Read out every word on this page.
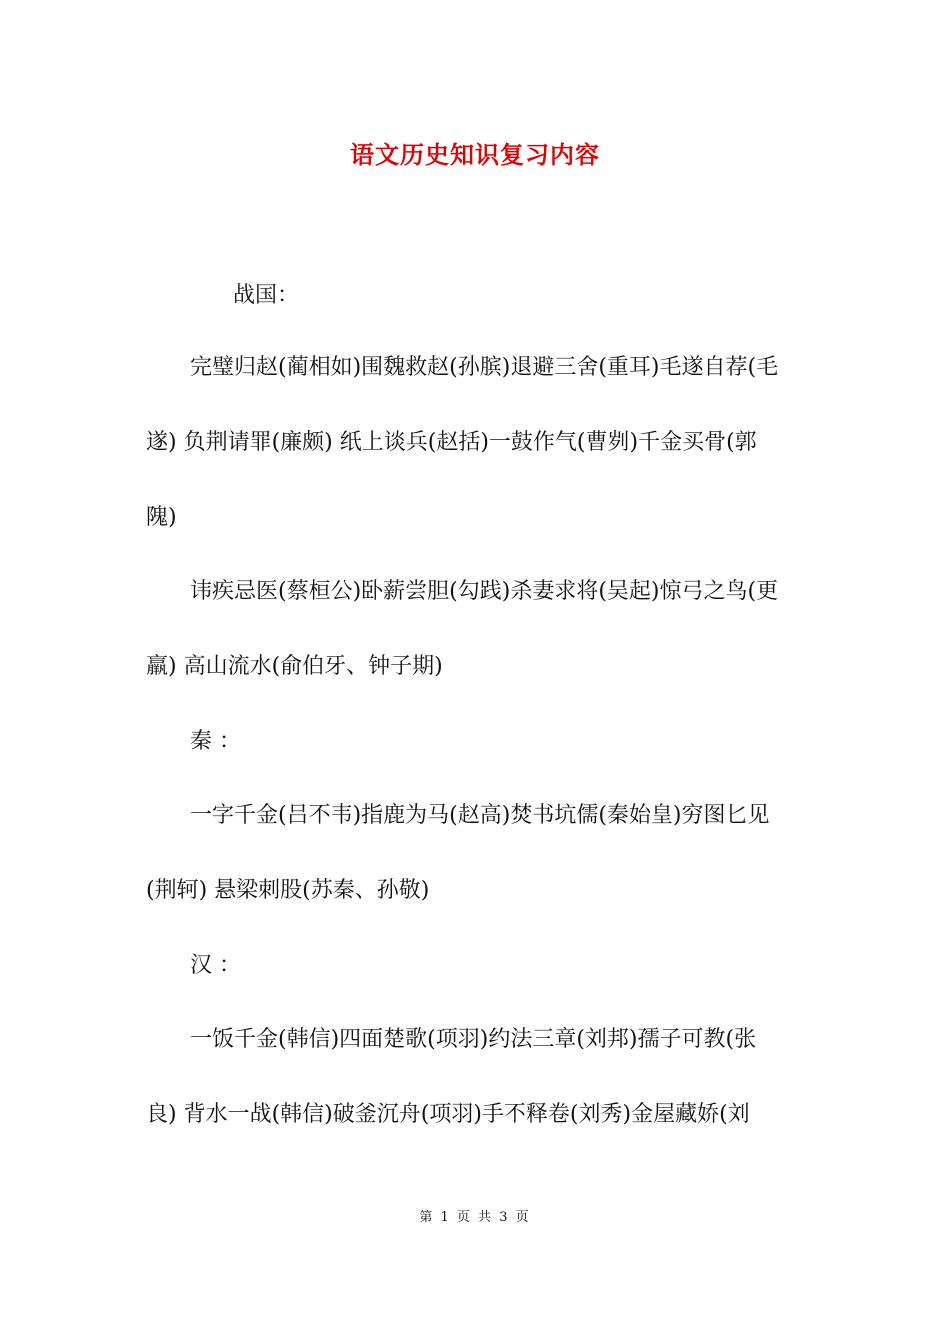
语文历史知识复习内容
战国：
完璧归赵(蔺相如)围魏救赵(孙膑)退避三舍(重耳)毛遂自荐(毛
遂) 负荆请罪(廉颇) 纸上谈兵(赵括)一鼓作气(曹刿)千金买骨(郭
隗)
讳疾忌医(蔡桓公)卧薪尝胆(勾践)杀妻求将(吴起)惊弓之鸟(更
羸) 高山流水(俞伯牙、钟子期)
秦 ：
一字千金(吕不韦)指鹿为马(赵高)焚书坑儒(秦始皇)穷图匕见
(荆轲) 悬梁刺股(苏秦、孙敬)
汉 ：
一饭千金(韩信)四面楚歌(项羽)约法三章(刘邦)孺子可教(张
良) 背水一战(韩信)破釜沉舟(项羽)手不释卷(刘秀)金屋藏娇(刘
第 1 页 共 3 页
